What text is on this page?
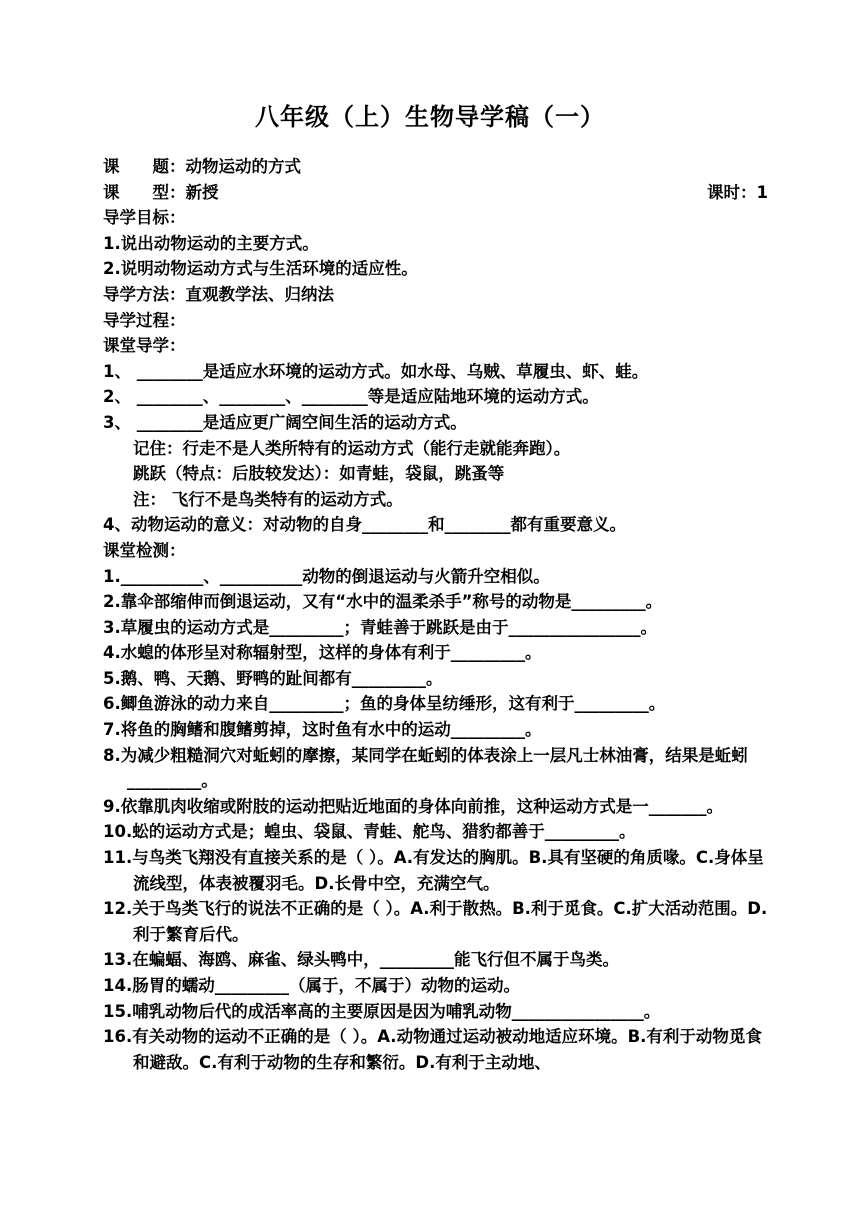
八年级（上）生物导学稿（一）
课　　题：动物运动的方式
课　　型：新授	课时：1
导学目标：
1.说出动物运动的主要方式。
2.说明动物运动方式与生活环境的适应性。
导学方法：直观教学法、归纳法
导学过程：
课堂导学：
1、 ________是适应水环境的运动方式。如水母、乌贼、草履虫、虾、蛙。
2、 ________、________、________等是适应陆地环境的运动方式。
3、 ________是适应更广阔空间生活的运动方式。
记住：行走不是人类所特有的运动方式（能行走就能奔跑）。
跳跃（特点：后肢较发达）：如青蛙，袋鼠，跳蚤等
注： 飞行不是鸟类特有的运动方式。
4、动物运动的意义：对动物的自身________和________都有重要意义。
课堂检测：
1.__________、__________动物的倒退运动与火箭升空相似。
2.靠伞部缩伸而倒退运动，又有“水中的温柔杀手”称号的动物是_________。
3.草履虫的运动方式是_________；青蛙善于跳跃是由于________________。
4.水螅的体形呈对称辐射型，这样的身体有利于_________。
5.鹅、鸭、天鹅、野鸭的趾间都有_________。
6.鲫鱼游泳的动力来自_________；鱼的身体呈纺缍形，这有利于_________。
7.将鱼的胸鳍和腹鳍剪掉，这时鱼有水中的运动_________。
8.为减少粗糙洞穴对蚯蚓的摩擦，某同学在蚯蚓的体表涂上一层凡士林油膏，结果是蚯蚓_________。
9.依靠肌肉收缩或附肢的运动把贴近地面的身体向前推，这种运动方式是一_______。
10.蚣的运动方式是；蝗虫、袋鼠、青蛙、舵鸟、猎豹都善于_________。
11.与鸟类飞翔没有直接关系的是（ ）。A.有发达的胸肌。B.具有坚硬的角质喙。C.身体呈流线型，体表被覆羽毛。D.长骨中空，充满空气。
12.关于鸟类飞行的说法不正确的是（ ）。A.利于散热。B.利于觅食。C.扩大活动范围。D.利于繁育后代。
13.在蝙蝠、海鸥、麻雀、绿头鸭中，_________能飞行但不属于鸟类。
14.肠胃的蠕动_________（属于，不属于）动物的运动。
15.哺乳动物后代的成活率高的主要原因是因为哺乳动物________________。
16.有关动物的运动不正确的是（ ）。A.动物通过运动被动地适应环境。B.有利于动物觅食和避敌。C.有利于动物的生存和繁衍。D.有利于主动地、
